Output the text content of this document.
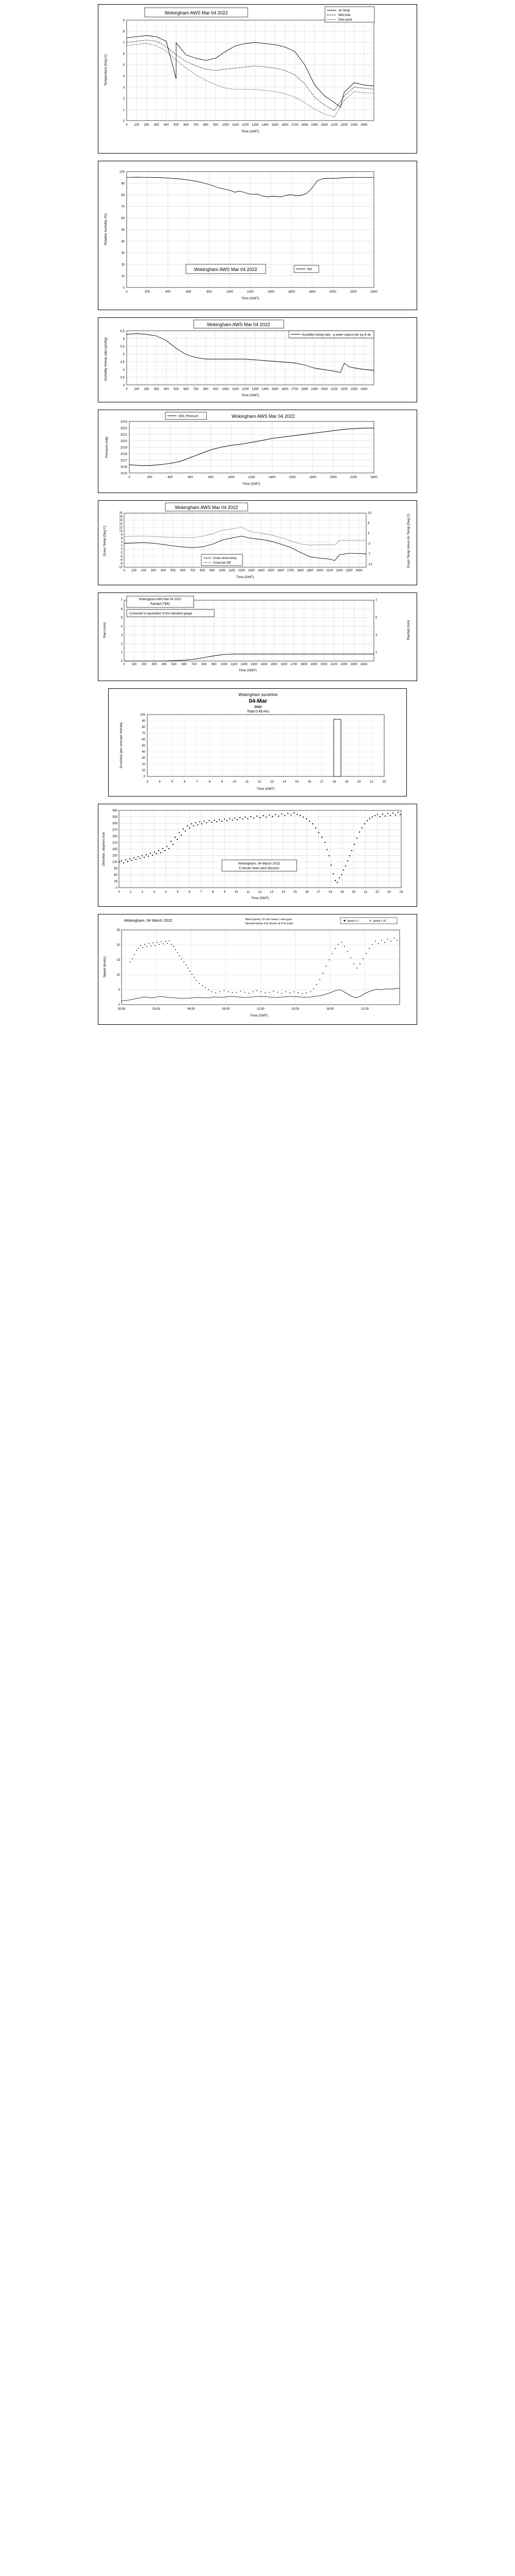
9
8
7
6
5
4
3
2
1
0
0 100 200 300 400 500 600 700 800 900 1000 1100 1200 1300 1400 1500 1600 1700 1800 1900 2000 2100 2200 2300 2400
Time (GMT)
Temperature (Deg C)
Wokingham AWS Mar 04 2022	Air temp
Wet bulb
Dew point
100
90
80
70
60
50
40
30
20
10
0
0	200	400	600	800	1000	1200	1400	1600	1800	2000	2200	2400
Time (GMT)
Relative humidity (%)
Wokingham AWS Mar 04 2022	RH
6.5
6
5.5
5
4.5
4
3.5
3
0 100 200 300 400 500 600 700 800 900 1000 1100 1200 1300 1400 1500 1600 1700 1800 1900 2000 2100 2200 2300 2400
Time (GMT)
Humidity mixing ratio (gm/kg)
Wokingham AWS Mar 04 2022
Humidity mixing ratio - g water vapour per kg of air
1023
1022
1021
1020
1019
1018
1017
1016
1015
0	200	400	600	800	1000	1200	1400	1600	1800	2000	2200	2400
Time (GMT)
Pressure (mb)
MSL Pressure	Wokingham AWS Mar 04 2022
20
18
16
14
12
10
8
6
4
2
0
-2
-4
-6
-8
-10
13
8
3
-2
-7
-12
0 100 200 300 400 500 600 700 800 900 1000 1100 1200 1300 1400 1500 1600 1700 1800 1900 2000 2100 2200 2300 2400
Time (GMT)
Grass Temp (Deg C)	Grass Temp minus Air Temp (Deg C)
Wokingham AWS Mar 04 2022
Grass level temp
Grass/air diff
7
6
5
4
3
2
1
0
7
5
3
1
0 100 200 300 400 500 600 700 800 900 1000 1100 1200 1300 1400 1500 1600 1700 1800 1900 2000 2100 2200 2300 2400
Time (GMT)
Rain (mm)	Rainfall (mm)
Wokingham AWS Mar 04 2022
Rainfall (TBR)
Corrected to equivalent of the standard gauge
100
90
80
70
60
50
40
30
20
10
0
3	4	5	6	7	8	9	10	11	12	13	14	15	16	17	18	19	20	21	22
Time (GMT)
Sunshine (per cent per minute)
Wokingham sunshine
04-Mar
2022
Total 0.49 Hrs
360
330
300
270
240
210
180
150
120
90
60
30
0
0	1	2	3	4	5	6	7	8	9	10	11	12	13	14	15	16	17	18	19	20	21	22	23	24
Time (GMT)
Direction, degrees true	Wokingham, 04 March 2022
5 minute mean wind direction
25
20
15
10
5
0
00:00	03:00	06:00	09:00	12:00	15:00	18:00	21:00
Time (GMT)
Speed (knots)
Wokingham, 04 March 2022	Wind speed, 10 min mean / max gust
Speeds below 4 kt shown at 0 kt scale
Speed x 1	Speed x 10
